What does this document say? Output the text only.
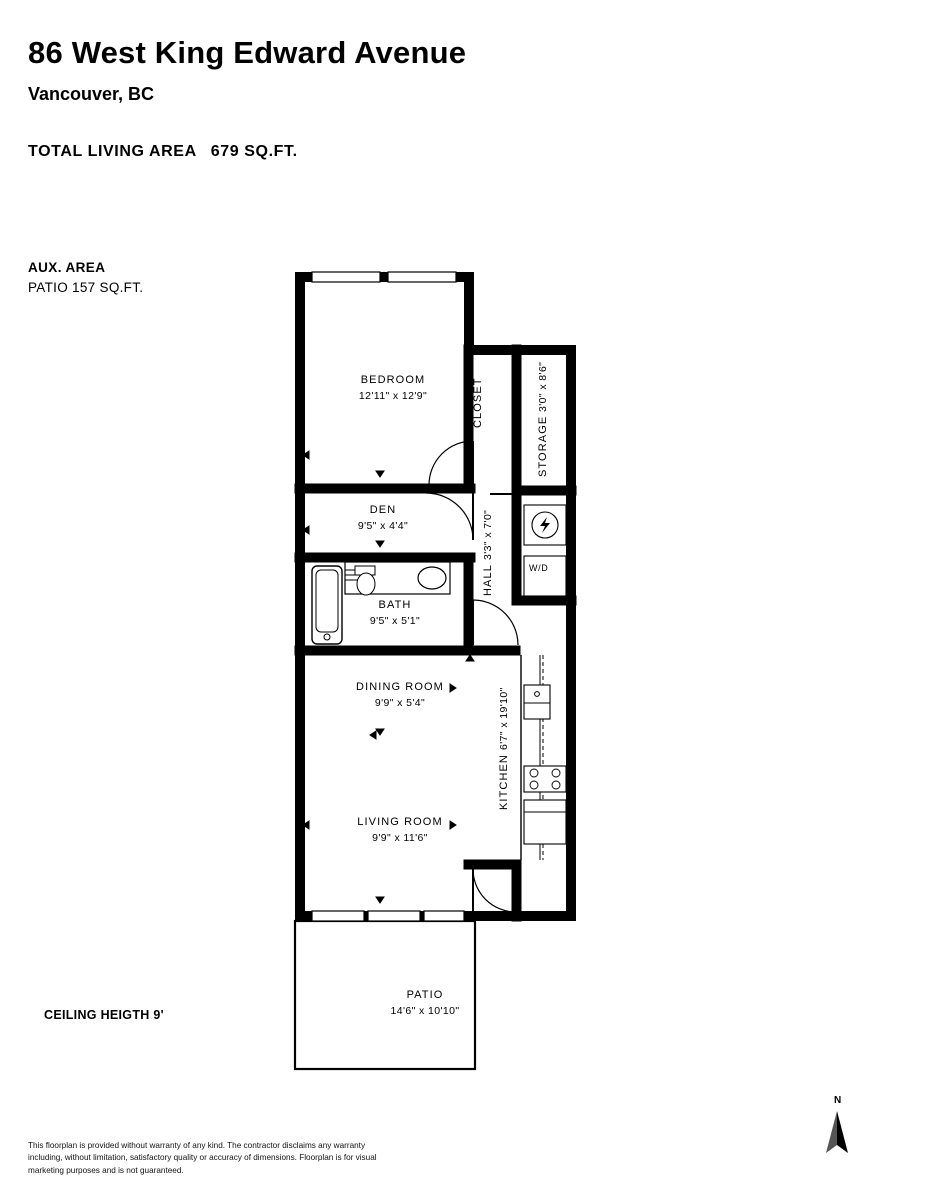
86 West King Edward Avenue
Vancouver, BC
TOTAL LIVING AREA 679 SQ.FT.
AUX. AREA
PATIO 157 SQ.FT.
CEILING HEIGTH 9'
This floorplan is provided without warranty of any kind. The contractor disclaims any warranty including, without limitation, satisfactory quality or accuracy of dimensions. Floorplan is for visual marketing purposes and is not guaranteed.
BEDROOM
12'11" x 12'9"	CLOSET
STORAGE 3'0" x 8'6"
DEN
9'5" x 4'4"
HALL 3'3" x 7'0"
BATH
9'5" x 5'1"
DINING ROOM
9'9" x 5'4"
KITCHEN 6'7" x 19'10"
LIVING ROOM
9'9" x 11'6"
PATIO
14'6" x 10'10"
W/D
N
